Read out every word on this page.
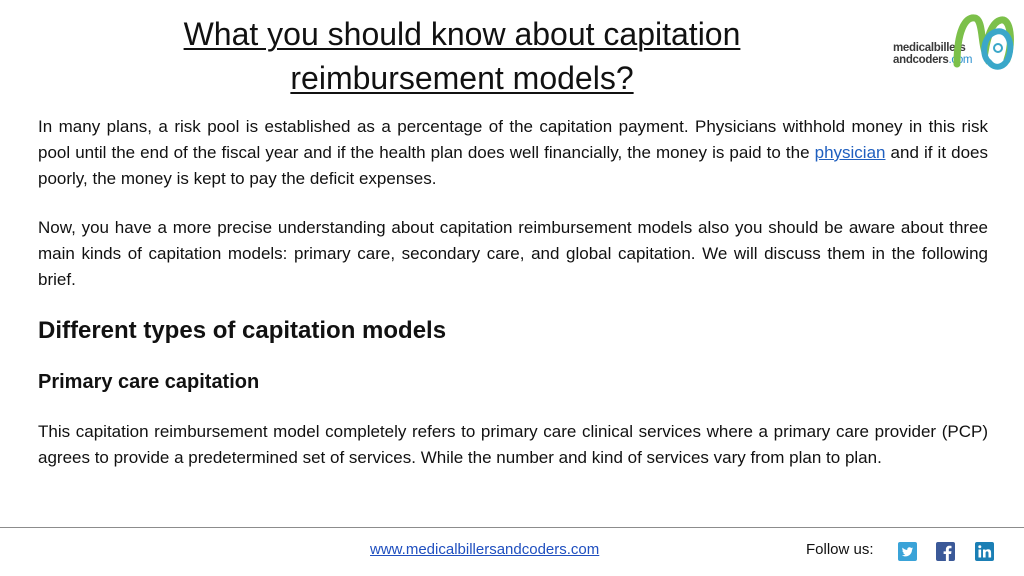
What you should know about capitation
reimbursement models?
medicalbillers
andcoders.com

In many plans, a risk pool is established as a percentage of the capitation payment. Physicians withhold money in this risk pool until the end of the fiscal year and if the health plan does well financially, the money is paid to the physician and if it does poorly, the money is kept to pay the deficit expenses.

Now, you have a more precise understanding about capitation reimbursement models also you should be aware about three main kinds of capitation models: primary care, secondary care, and global capitation. We will discuss them in the following brief.

Different types of capitation models
Primary care capitation

This capitation reimbursement model completely refers to primary care clinical services where a primary care provider (PCP) agrees to provide a predetermined set of services. While the number and kind of services vary from plan to plan.

www.medicalbillersandcoders.com	Follow us:
